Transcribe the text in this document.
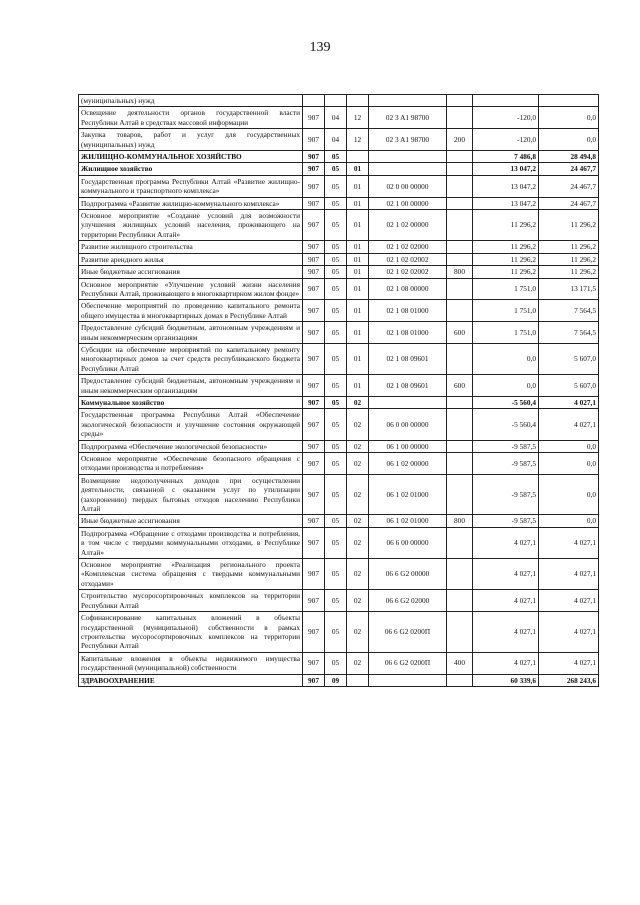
139
(муниципальных) нужд							
Освещение деятельности органов государственной власти Республики Алтай в средствах массовой информации	907	04	12	02 3 A1 98700		-120,0	0,0
Закупка товаров, работ и услуг для государственных (муниципальных) нужд	907	04	12	02 3 A1 98700	200	-120,0	0,0
ЖИЛИЩНО-КОММУНАЛЬНОЕ ХОЗЯЙСТВО	907	05				7 486,8	28 494,8
Жилищное хозяйство	907	05	01			13 047,2	24 467,7
Государственная программа Республики Алтай «Развитие жилищно-коммунального и транспортного комплекса»	907	05	01	02 0 00 00000		13 047,2	24 467,7
Подпрограмма «Развитие жилищно-коммунального комплекса»	907	05	01	02 1 00 00000		13 047,2	24 467,7
Основное мероприятие «Создание условий для возможности улучшения жилищных условий населения, проживающего на территории Республики Алтай»	907	05	01	02 1 02 00000		11 296,2	11 296,2
Развитие жилищного строительства	907	05	01	02 1 02 02000		11 296,2	11 296,2
Развитие арендного жилья	907	05	01	02 1 02 02002		11 296,2	11 296,2
Иные бюджетные ассигнования	907	05	01	02 1 02 02002	800	11 296,2	11 296,2
Основное мероприятие «Улучшение условий жизни населения Республики Алтай, проживающего в многоквартирном жилом фонде»	907	05	01	02 1 08 00000		1 751,0	13 171,5
Обеспечение мероприятий по проведению капитального ремонта общего имущества в многоквартирных домах в Республике Алтай	907	05	01	02 1 08 01000		1 751,0	7 564,5
Предоставление субсидий бюджетным, автономным учреждениям и иным некоммерческим организациям	907	05	01	02 1 08 01000	600	1 751,0	7 564,5
Субсидии на обеспечение мероприятий по капитальному ремонту многоквартирных домов за счет средств республиканского бюджета Республики Алтай	907	05	01	02 1 08 09601		0,0	5 607,0
Предоставление субсидий бюджетным, автономным учреждениям и иным некоммерческим организациям	907	05	01	02 1 08 09601	600	0,0	5 607,0
Коммунальное хозяйство	907	05	02			-5 560,4	4 027,1
Государственная программа Республики Алтай «Обеспечение экологической безопасности и улучшение состояния окружающей среды»	907	05	02	06 0 00 00000		-5 560,4	4 027,1
Подпрограмма «Обеспечение экологической безопасности»	907	05	02	06 1 00 00000		-9 587,5	0,0
Основное мероприятие «Обеспечение безопасного обращения с отходами производства и потребления»	907	05	02	06 1 02 00000		-9 587,5	0,0
Возмещение недополученных доходов при осуществлении деятельности, связанной с оказанием услуг по утилизации (захоронению) твердых бытовых отходов населению Республики Алтай	907	05	02	06 1 02 01000		-9 587,5	0,0
Иные бюджетные ассигнования	907	05	02	06 1 02 01000	800	-9 587,5	0,0
Подпрограмма «Обращение с отходами производства и потребления, в том числе с твердыми коммунальными отходами, в Республике Алтай»	907	05	02	06 6 00 00000		4 027,1	4 027,1
Основное мероприятие «Реализация регионального проекта «Комплексная система обращения с твердыми коммунальными отходами»	907	05	02	06 6 G2 00000		4 027,1	4 027,1
Строительство мусоросортировочных комплексов на территории Республики Алтай	907	05	02	06 6 G2 02000		4 027,1	4 027,1
Софинансирование капитальных вложений в объекты государственной (муниципальной) собственности в рамках строительства мусоросортировочных комплексов на территории Республики Алтай	907	05	02	06 6 G2 0200П		4 027,1	4 027,1
Капитальные вложения в объекты недвижимого имущества государственной (муниципальной) собственности	907	05	02	06 6 G2 0200П	400	4 027,1	4 027,1
ЗДРАВООХРАНЕНИЕ	907	09				60 339,6	268 243,6
